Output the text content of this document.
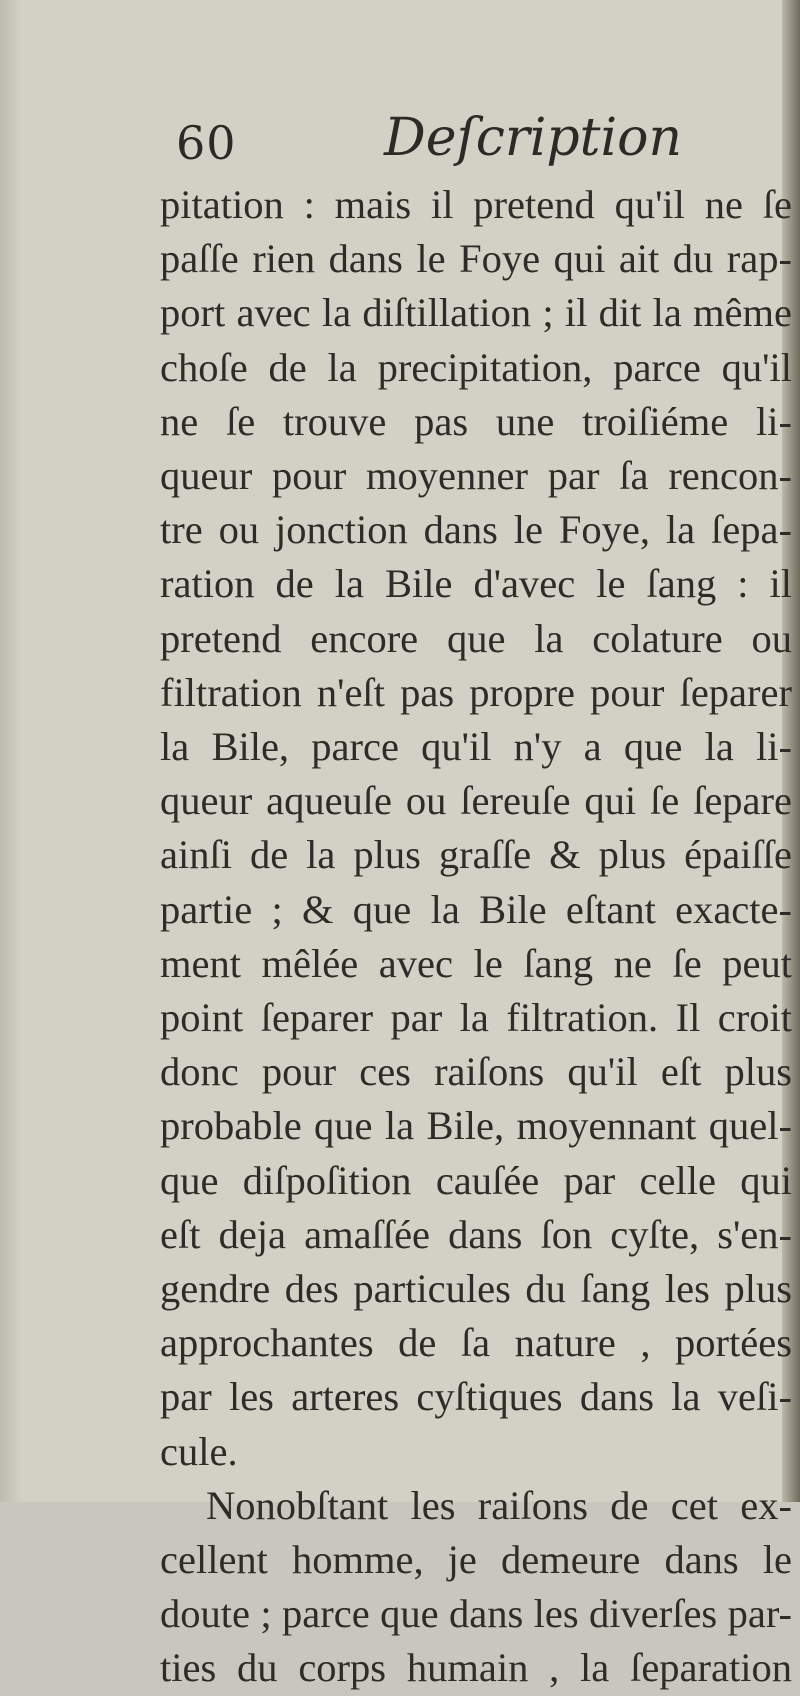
60	Deſcription
pitation : mais il pretend qu'il ne ſe
paſſe rien dans le Foye qui ait du rap-
port avec la diſtillation ; il dit la même
choſe de la precipitation, parce qu'il
ne ſe trouve pas une troiſiéme li-
queur pour moyenner par ſa rencon-
tre ou jonction dans le Foye, la ſepa-
ration de la Bile d'avec le ſang : il
pretend encore que la colature ou
filtration n'eſt pas propre pour ſeparer
la Bile, parce qu'il n'y a que la li-
queur aqueuſe ou ſereuſe qui ſe ſepare
ainſi de la plus graſſe & plus épaiſſe
partie ; & que la Bile eſtant exacte-
ment mêlée avec le ſang ne ſe peut
point ſeparer par la filtration. Il croit
donc pour ces raiſons qu'il eſt plus
probable que la Bile, moyennant quel-
que diſpoſition cauſée par celle qui
eſt deja amaſſée dans ſon cyſte, s'en-
gendre des particules du ſang les plus
approchantes de ſa nature , portées
par les arteres cyſtiques dans la veſi-
cule.
Nonobſtant les raiſons de cet ex-
cellent homme, je demeure dans le
doute ; parce que dans les diverſes par-
ties du corps humain , la ſeparation
